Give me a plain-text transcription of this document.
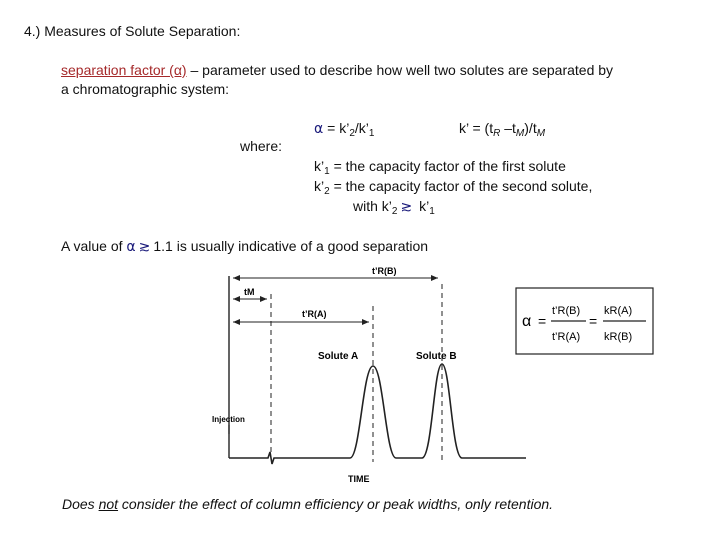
4.) Measures of Solute Separation:
separation factor (α) – parameter used to describe how well two solutes are separated by
a chromatographic system:
where:
$\alpha = k’_2/k’_1$	k’ = ($t_R$ $-t_M)/t_M$
$k’_1$ = the capacity factor of the first solute
$k’_2$ = the capacity factor of the second solute,
with $k’_2$ ≳ $k’_1$
A value of α ≳ 1.1 is usually indicative of a good separation
t’R(B)
tM
t’R(A)
Solute A	Solute B
Injection
TIME
α =
t’R(B)
t’R(A)
=
kR(A)
kR(B)
Does not consider the effect of column efficiency or peak widths, only retention.
